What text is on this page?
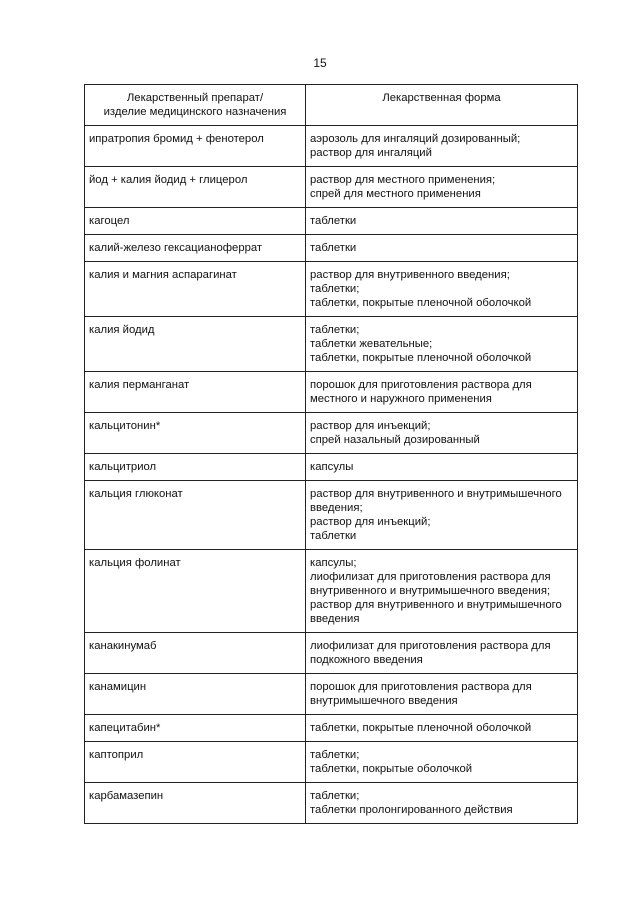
15
Лекарственный препарат/
изделие медицинского назначения	Лекарственная форма

ипратропия бромид + фенотерол	аэрозоль для ингаляций дозированный;
раствор для ингаляций

йод + калия йодид + глицерол	раствор для местного применения;
спрей для местного применения

кагоцел	таблетки

калий-железо гексацианоферрат	таблетки

калия и магния аспарагинат	раствор для внутривенного введения;
таблетки;
таблетки, покрытые пленочной оболочкой

калия йодид	таблетки;
таблетки жевательные;
таблетки, покрытые пленочной оболочкой

калия перманганат	порошок для приготовления раствора для
местного и наружного применения

кальцитонин*	раствор для инъекций;
спрей назальный дозированный

кальцитриол	капсулы

кальция глюконат	раствор для внутривенного и внутримышечного
введения;
раствор для инъекций;
таблетки

кальция фолинат	капсулы;
лиофилизат для приготовления раствора для
внутривенного и внутримышечного введения;
раствор для внутривенного и внутримышечного
введения

канакинумаб	лиофилизат для приготовления раствора для
подкожного введения

канамицин	порошок для приготовления раствора для
внутримышечного введения

капецитабин*	таблетки, покрытые пленочной оболочкой

каптоприл	таблетки;
таблетки, покрытые оболочкой

карбамазепин	таблетки;
таблетки пролонгированного действия
